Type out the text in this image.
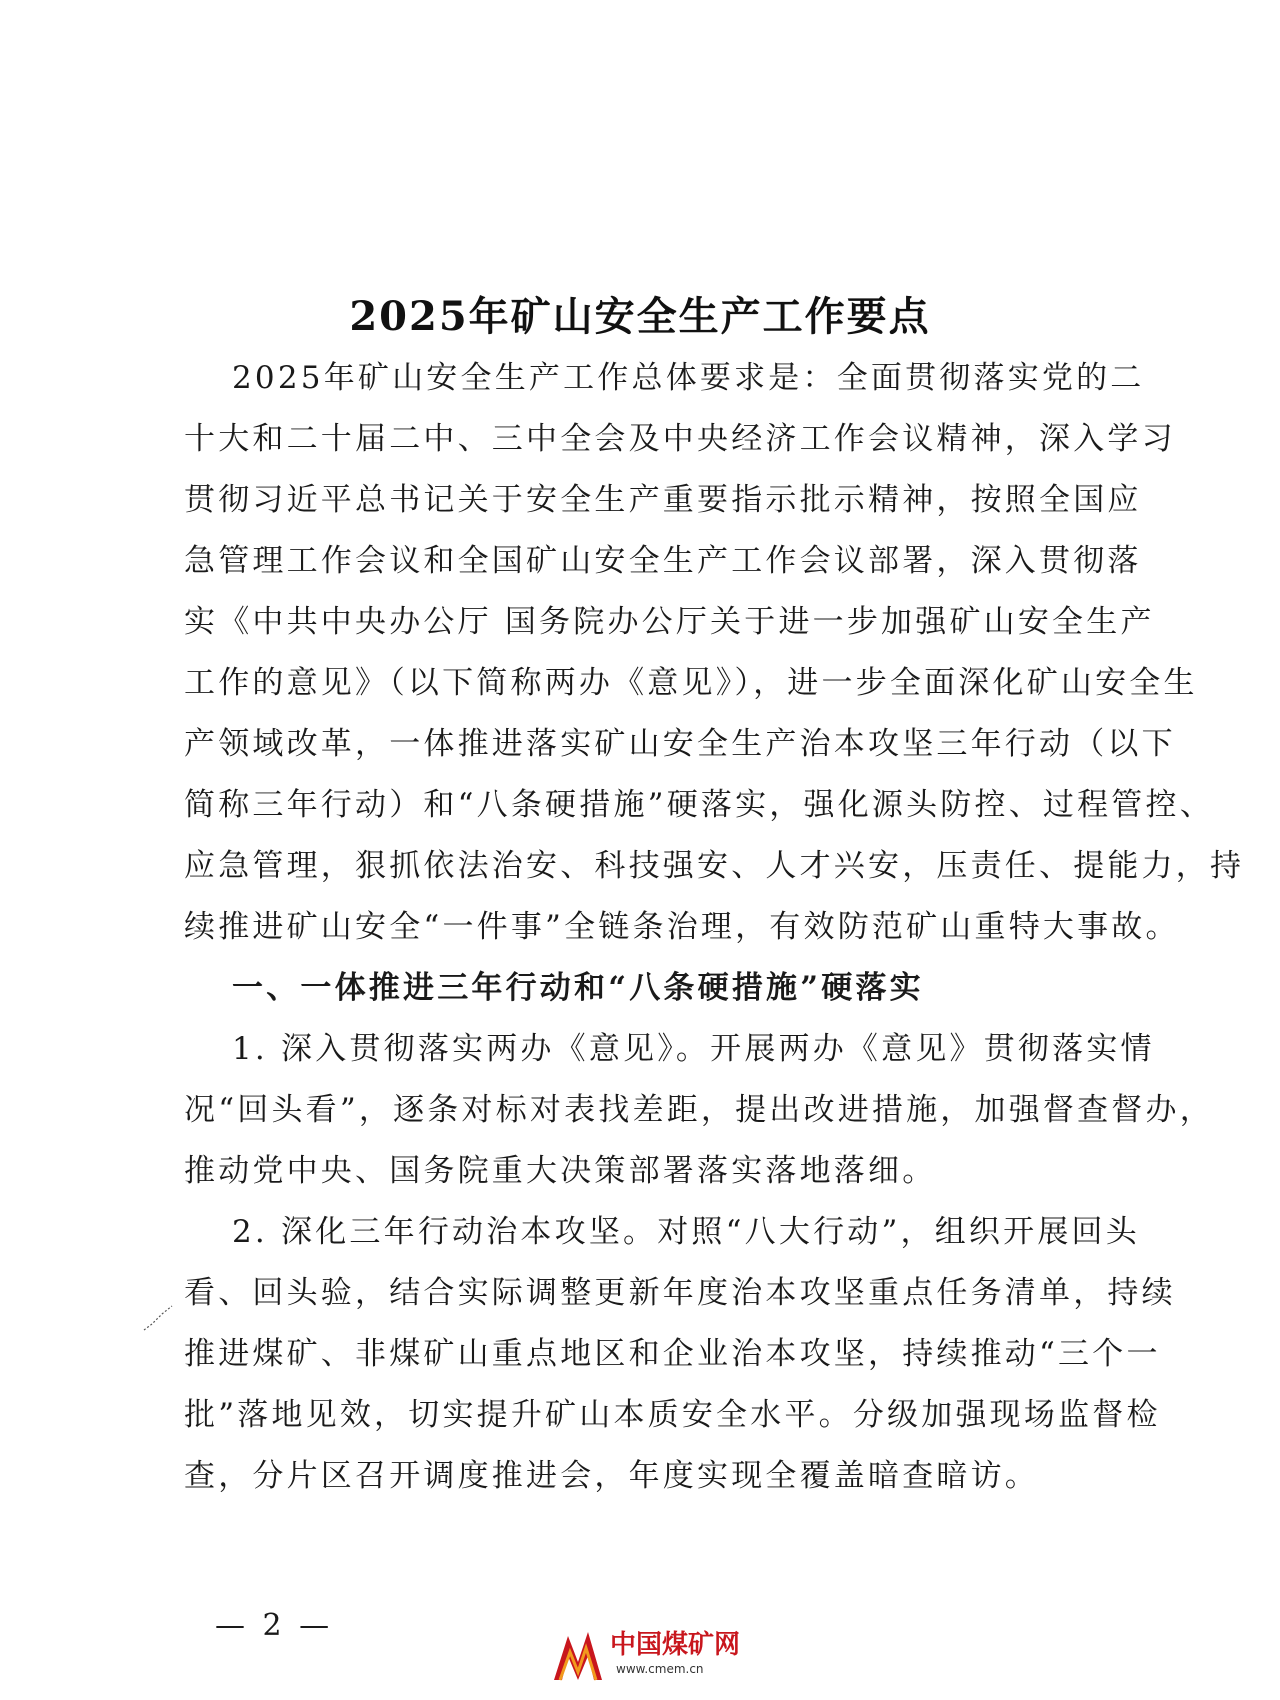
2025年矿山安全生产工作要点
2025年矿山安全生产工作总体要求是：全面贯彻落实党的二
十大和二十届二中、三中全会及中央经济工作会议精神，深入学习
贯彻习近平总书记关于安全生产重要指示批示精神，按照全国应
急管理工作会议和全国矿山安全生产工作会议部署，深入贯彻落
实《中共中央办公厅 国务院办公厅关于进一步加强矿山安全生产
工作的意见》（以下简称两办《意见》），进一步全面深化矿山安全生
产领域改革，一体推进落实矿山安全生产治本攻坚三年行动（以下
简称三年行动）和“八条硬措施”硬落实，强化源头防控、过程管控、
应急管理，狠抓依法治安、科技强安、人才兴安，压责任、提能力，持
续推进矿山安全“一件事”全链条治理，有效防范矿山重特大事故。
一、一体推进三年行动和“八条硬措施”硬落实
1. 深入贯彻落实两办《意见》。开展两办《意见》贯彻落实情
况“回头看”，逐条对标对表找差距，提出改进措施，加强督查督办，
推动党中央、国务院重大决策部署落实落地落细。
2. 深化三年行动治本攻坚。对照“八大行动”，组织开展回头
看、回头验，结合实际调整更新年度治本攻坚重点任务清单，持续
推进煤矿、非煤矿山重点地区和企业治本攻坚，持续推动“三个一
批”落地见效，切实提升矿山本质安全水平。分级加强现场监督检
查，分片区召开调度推进会，年度实现全覆盖暗查暗访。
— 2 —
中国煤矿网
www.cmem.cn
